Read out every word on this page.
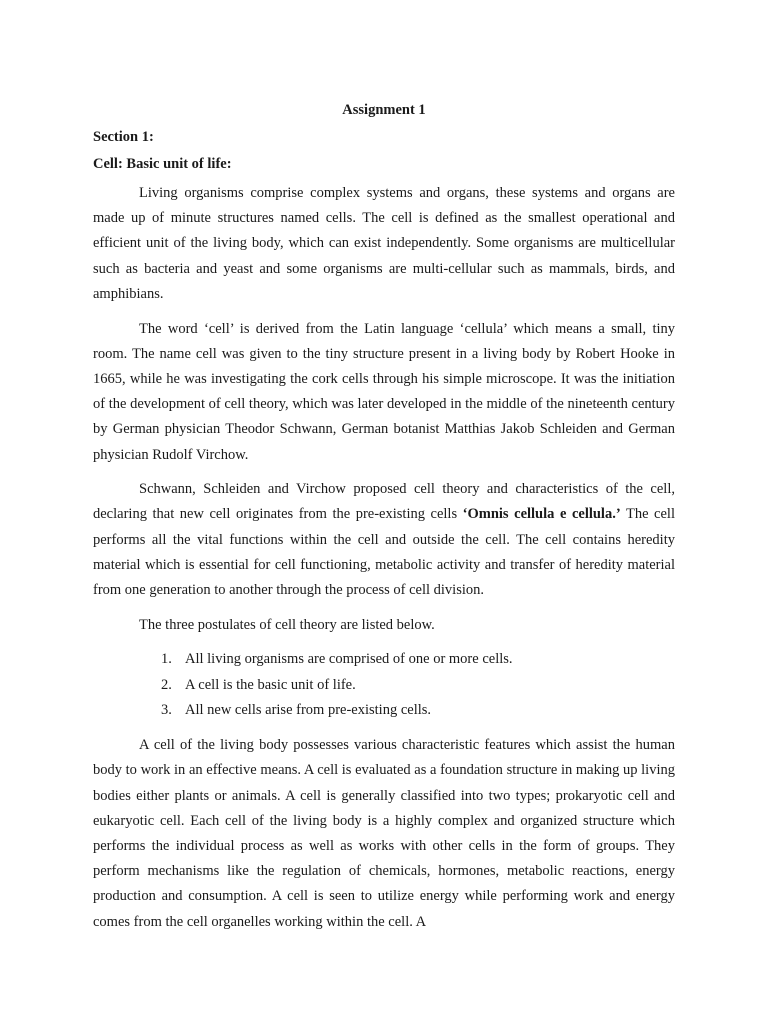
Assignment 1
Section 1:
Cell: Basic unit of life:

Living organisms comprise complex systems and organs, these systems and organs are made up of minute structures named cells. The cell is defined as the smallest operational and efficient unit of the living body, which can exist independently. Some organisms are multicellular such as bacteria and yeast and some organisms are multi-cellular such as mammals, birds, and amphibians.

The word ‘cell’ is derived from the Latin language ‘cellula’ which means a small, tiny room. The name cell was given to the tiny structure present in a living body by Robert Hooke in 1665, while he was investigating the cork cells through his simple microscope. It was the initiation of the development of cell theory, which was later developed in the middle of the nineteenth century by German physician Theodor Schwann, German botanist Matthias Jakob Schleiden and German physician Rudolf Virchow.

Schwann, Schleiden and Virchow proposed cell theory and characteristics of the cell, declaring that new cell originates from the pre-existing cells ‘Omnis cellula e cellula.’ The cell performs all the vital functions within the cell and outside the cell. The cell contains heredity material which is essential for cell functioning, metabolic activity and transfer of heredity material from one generation to another through the process of cell division.

The three postulates of cell theory are listed below.

1. All living organisms are comprised of one or more cells.
2. A cell is the basic unit of life.
3. All new cells arise from pre-existing cells.

A cell of the living body possesses various characteristic features which assist the human body to work in an effective means. A cell is evaluated as a foundation structure in making up living bodies either plants or animals. A cell is generally classified into two types; prokaryotic cell and eukaryotic cell. Each cell of the living body is a highly complex and organized structure which performs the individual process as well as works with other cells in the form of groups. They perform mechanisms like the regulation of chemicals, hormones, metabolic reactions, energy production and consumption. A cell is seen to utilize energy while performing work and energy comes from the cell organelles working within the cell. A
